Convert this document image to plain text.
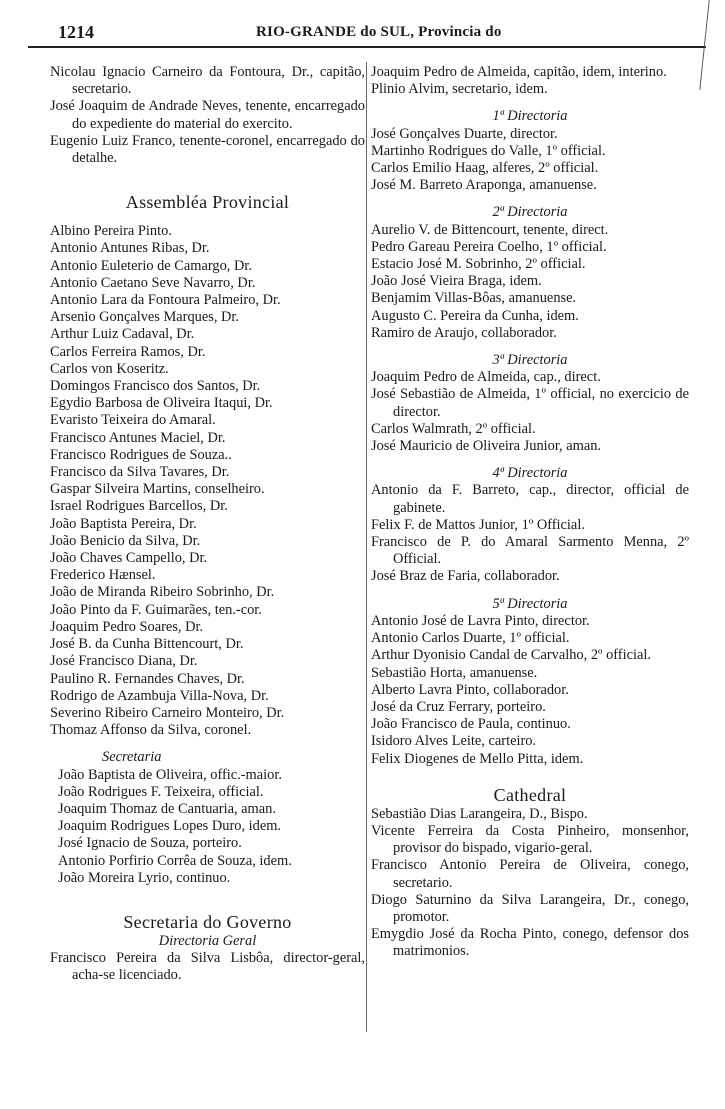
1214	RIO-GRANDE do SUL, Provincia do

Nicolau Ignacio Carneiro da Fontoura, Dr., capitão, secretario.

José Joaquim de Andrade Neves, tenente, encarregado do expediente do material do exercito.

Eugenio Luiz Franco, tenente-coronel, encarregado do detalhe.

Assembléa Provincial

Albino Pereira Pinto.

Antonio Antunes Ribas, Dr.

Antonio Euleterio de Camargo, Dr.

Antonio Caetano Seve Navarro, Dr.

Antonio Lara da Fontoura Palmeiro, Dr.

Arsenio Gonçalves Marques, Dr.

Arthur Luiz Cadaval, Dr.

Carlos Ferreira Ramos, Dr.

Carlos von Koseritz.

Domingos Francisco dos Santos, Dr.

Egydio Barbosa de Oliveira Itaqui, Dr.

Evaristo Teixeira do Amaral.

Francisco Antunes Maciel, Dr.

Francisco Rodrigues de Souza..

Francisco da Silva Tavares, Dr.

Gaspar Silveira Martins, conselheiro.

Israel Rodrigues Barcellos, Dr.

João Baptista Pereira, Dr.

João Benicio da Silva, Dr.

João Chaves Campello, Dr.

Frederico Hænsel.

João de Miranda Ribeiro Sobrinho, Dr.

João Pinto da F. Guimarães, ten.-cor.

Joaquim Pedro Soares, Dr.

José B. da Cunha Bittencourt, Dr.

José Francisco Diana, Dr.

Paulino R. Fernandes Chaves, Dr.

Rodrigo de Azambuja Villa-Nova, Dr.

Severino Ribeiro Carneiro Monteiro, Dr.

Thomaz Affonso da Silva, coronel.

Secretaria

João Baptista de Oliveira, offic.-maior.

João Rodrigues F. Teixeira, official.

Joaquim Thomaz de Cantuaria, aman.

Joaquim Rodrigues Lopes Duro, idem.

José Ignacio de Souza, porteiro.

Antonio Porfirio Corrêa de Souza, idem.

João Moreira Lyrio, continuo.

Secretaria do Governo

Directoria Geral

Francisco Pereira da Silva Lisbôa, director-geral, acha-se licenciado.

Joaquim Pedro de Almeida, capitão, idem, interino.

Plinio Alvim, secretario, idem.

1ª Directoria

José Gonçalves Duarte, director.

Martinho Rodrigues do Valle, 1º official.

Carlos Emilio Haag, alferes, 2º official.

José M. Barreto Araponga, amanuense.

2ª Directoria

Aurelio V. de Bittencourt, tenente, direct.

Pedro Gareau Pereira Coelho, 1º official.

Estacio José M. Sobrinho, 2º official.

João José Vieira Braga, idem.

Benjamim Villas-Bôas, amanuense.

Augusto C. Pereira da Cunha, idem.

Ramiro de Araujo, collaborador.

3ª Directoria

Joaquim Pedro de Almeida, cap., direct.

José Sebastião de Almeida, 1º official, no exercicio de director.

Carlos Walmrath, 2º official.

José Mauricio de Oliveira Junior, aman.

4ª Directoria

Antonio da F. Barreto, cap., director, official de gabinete.

Felix F. de Mattos Junior, 1º Official.

Francisco de P. do Amaral Sarmento Menna, 2º Official.

José Braz de Faria, collaborador.

5ª Directoria

Antonio José de Lavra Pinto, director.

Antonio Carlos Duarte, 1º official.

Arthur Dyonisio Candal de Carvalho, 2º official.

Sebastião Horta, amanuense.

Alberto Lavra Pinto, collaborador.

José da Cruz Ferrary, porteiro.

João Francisco de Paula, continuo.

Isidoro Alves Leite, carteiro.

Felix Diogenes de Mello Pitta, idem.

Cathedral

Sebastião Dias Larangeira, D., Bispo.

Vicente Ferreira da Costa Pinheiro, monsenhor, provisor do bispado, vigario-geral.

Francisco Antonio Pereira de Oliveira, conego, secretario.

Diogo Saturnino da Silva Larangeira, Dr., conego, promotor.

Emygdio José da Rocha Pinto, conego, defensor dos matrimonios.
